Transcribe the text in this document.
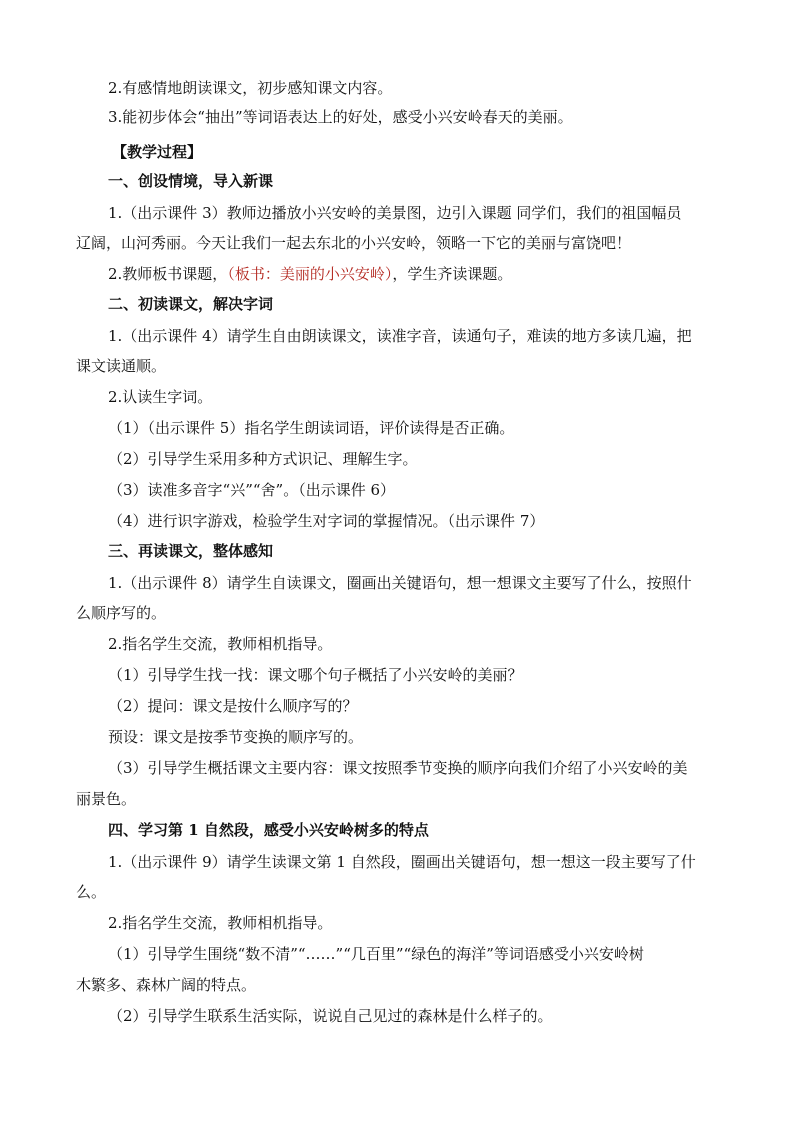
2.有感情地朗读课文，初步感知课文内容。
3.能初步体会“抽出”等词语表达上的好处，感受小兴安岭春天的美丽。
【教学过程】
一、创设情境，导入新课
1.（出示课件 3）教师边播放小兴安岭的美景图，边引入课题 同学们，我们的祖国幅员
辽阔，山河秀丽。今天让我们一起去东北的小兴安岭，领略一下它的美丽与富饶吧！
2.教师板书课题，（板书：美丽的小兴安岭），学生齐读课题。
二、初读课文，解决字词
1.（出示课件 4）请学生自由朗读课文，读准字音，读通句子，难读的地方多读几遍，把
课文读通顺。
2.认读生字词。
（1）（出示课件 5）指名学生朗读词语，评价读得是否正确。
（2）引导学生采用多种方式识记、理解生字。
（3）读准多音字“兴”“舍”。（出示课件 6）
（4）进行识字游戏，检验学生对字词的掌握情况。（出示课件 7）
三、再读课文，整体感知
1.（出示课件 8）请学生自读课文，圈画出关键语句，想一想课文主要写了什么，按照什
么顺序写的。
2.指名学生交流，教师相机指导。
（1）引导学生找一找：课文哪个句子概括了小兴安岭的美丽？
（2）提问：课文是按什么顺序写的？
预设：课文是按季节变换的顺序写的。
（3）引导学生概括课文主要内容：课文按照季节变换的顺序向我们介绍了小兴安岭的美
丽景色。
四、学习第 1 自然段，感受小兴安岭树多的特点
1.（出示课件 9）请学生读课文第 1 自然段，圈画出关键语句，想一想这一段主要写了什
么。
2.指名学生交流，教师相机指导。
（1）引导学生围绕“数不清”“……”“几百里”“绿色的海洋”等词语感受小兴安岭树
木繁多、森林广阔的特点。
（2）引导学生联系生活实际，说说自己见过的森林是什么样子的。
